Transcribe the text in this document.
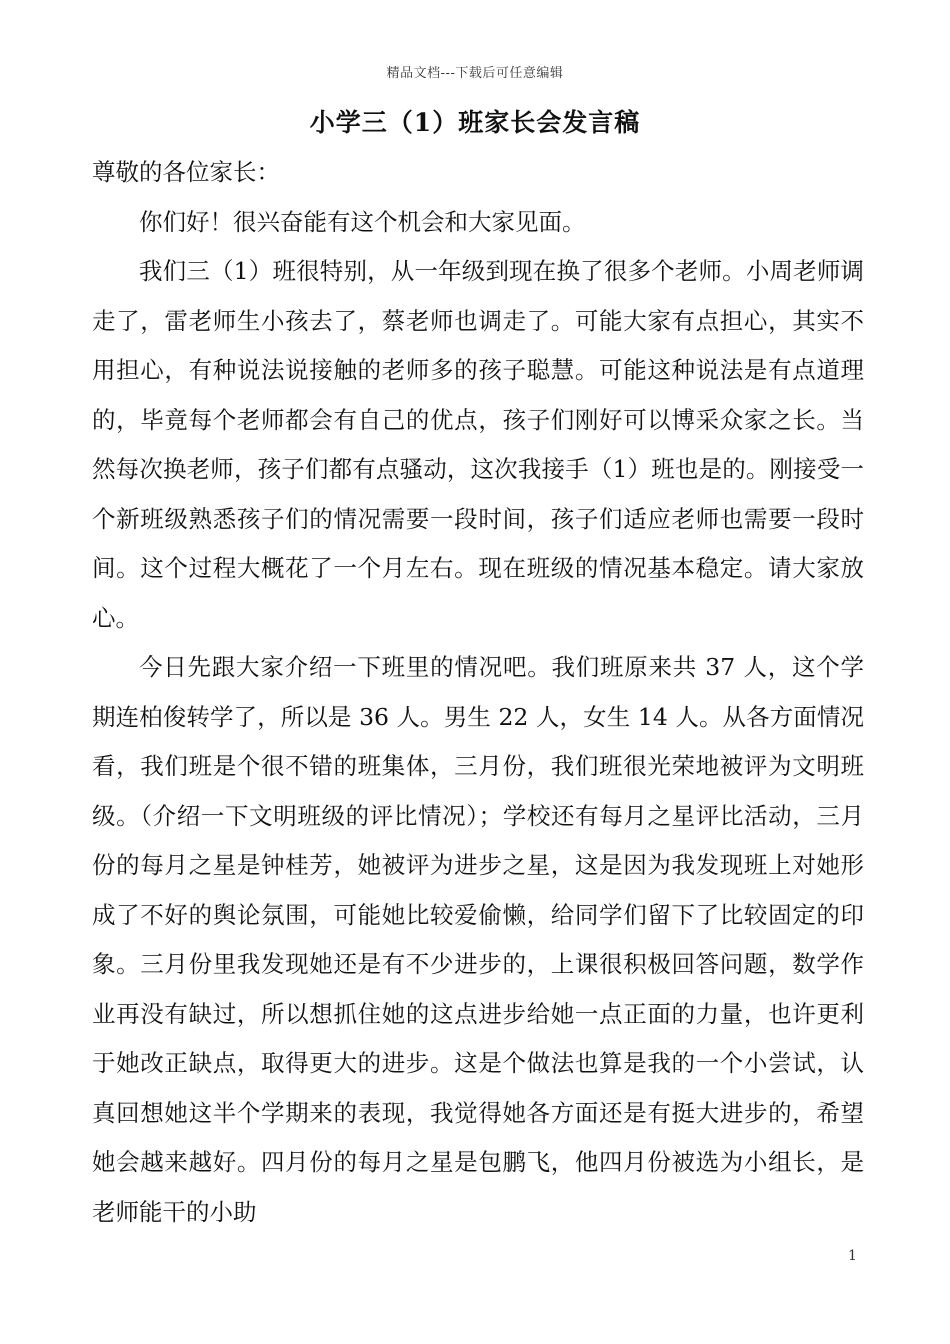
精品文档---下载后可任意编辑
小学三（1）班家长会发言稿

尊敬的各位家长：

你们好！很兴奋能有这个机会和大家见面。

我们三（1）班很特别，从一年级到现在换了很多个老师。小周老师调走了，雷老师生小孩去了，蔡老师也调走了。可能大家有点担心，其实不用担心，有种说法说接触的老师多的孩子聪慧。可能这种说法是有点道理的，毕竟每个老师都会有自己的优点，孩子们刚好可以博采众家之长。当然每次换老师，孩子们都有点骚动，这次我接手（1）班也是的。刚接受一个新班级熟悉孩子们的情况需要一段时间，孩子们适应老师也需要一段时间。这个过程大概花了一个月左右。现在班级的情况基本稳定。请大家放心。

今日先跟大家介绍一下班里的情况吧。我们班原来共 37 人，这个学期连柏俊转学了，所以是 36 人。男生 22 人，女生 14 人。从各方面情况看，我们班是个很不错的班集体，三月份，我们班很光荣地被评为文明班级。（介绍一下文明班级的评比情况）；学校还有每月之星评比活动，三月份的每月之星是钟桂芳，她被评为进步之星，这是因为我发现班上对她形成了不好的舆论氛围，可能她比较爱偷懒，给同学们留下了比较固定的印象。三月份里我发现她还是有不少进步的，上课很积极回答问题，数学作业再没有缺过，所以想抓住她的这点进步给她一点正面的力量，也许更利于她改正缺点，取得更大的进步。这是个做法也算是我的一个小尝试，认真回想她这半个学期来的表现，我觉得她各方面还是有挺大进步的，希望她会越来越好。四月份的每月之星是包鹏飞，他四月份被选为小组长，是老师能干的小助

1
